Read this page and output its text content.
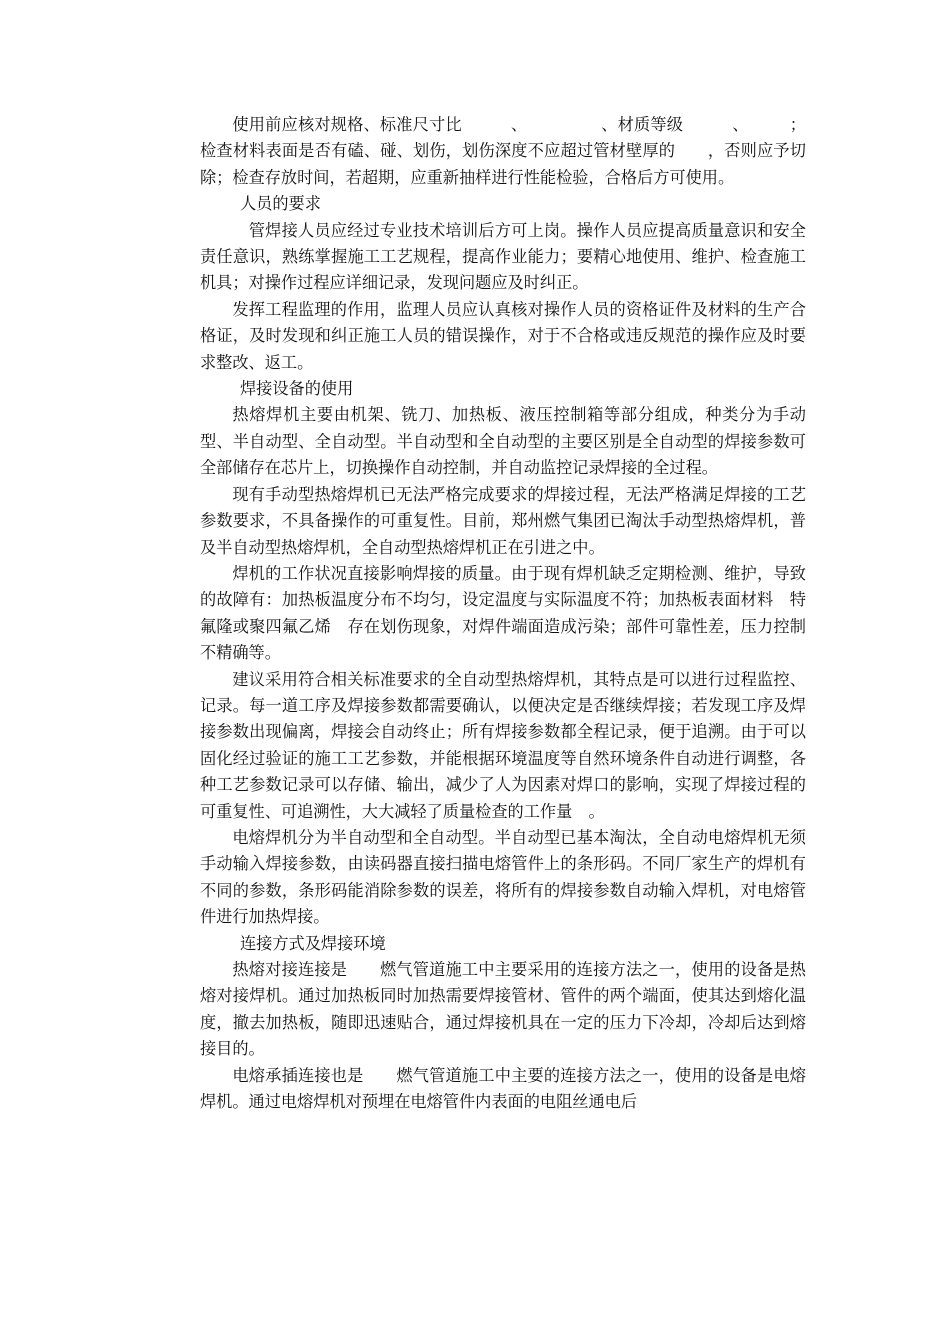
使用前应核对规格、标准尺寸比　　　、　　　　　、材质等级　　　、　　　；检查材料表面是否有磕、碰、划伤，划伤深度不应超过管材壁厚的　　，否则应予切除；检查存放时间，若超期，应重新抽样进行性能检验，合格后方可使用。

人员的要求

　管焊接人员应经过专业技术培训后方可上岗。操作人员应提高质量意识和安全责任意识，熟练掌握施工工艺规程，提高作业能力；要精心地使用、维护、检查施工机具；对操作过程应详细记录，发现问题应及时纠正。

发挥工程监理的作用，监理人员应认真核对操作人员的资格证件及材料的生产合格证，及时发现和纠正施工人员的错误操作，对于不合格或违反规范的操作应及时要求整改、返工。

焊接设备的使用

热熔焊机主要由机架、铣刀、加热板、液压控制箱等部分组成，种类分为手动型、半自动型、全自动型。半自动型和全自动型的主要区别是全自动型的焊接参数可全部储存在芯片上，切换操作自动控制，并自动监控记录焊接的全过程。

现有手动型热熔焊机已无法严格完成要求的焊接过程，无法严格满足焊接的工艺参数要求，不具备操作的可重复性。目前，郑州燃气集团已淘汰手动型热熔焊机，普及半自动型热熔焊机，全自动型热熔焊机正在引进之中。

焊机的工作状况直接影响焊接的质量。由于现有焊机缺乏定期检测、维护，导致的故障有：加热板温度分布不均匀，设定温度与实际温度不符；加热板表面材料　特氟隆或聚四氟乙烯　存在划伤现象，对焊件端面造成污染；部件可靠性差，压力控制不精确等。

建议采用符合相关标准要求的全自动型热熔焊机，其特点是可以进行过程监控、记录。每一道工序及焊接参数都需要确认，以便决定是否继续焊接；若发现工序及焊接参数出现偏离，焊接会自动终止；所有焊接参数都全程记录，便于追溯。由于可以固化经过验证的施工工艺参数，并能根据环境温度等自然环境条件自动进行调整，各种工艺参数记录可以存储、输出，减少了人为因素对焊口的影响，实现了焊接过程的可重复性、可追溯性，大大减轻了质量检查的工作量　。

电熔焊机分为半自动型和全自动型。半自动型已基本淘汰，全自动电熔焊机无须手动输入焊接参数，由读码器直接扫描电熔管件上的条形码。不同厂家生产的焊机有不同的参数，条形码能消除参数的误差，将所有的焊接参数自动输入焊机，对电熔管件进行加热焊接。

连接方式及焊接环境

热熔对接连接是　　燃气管道施工中主要采用的连接方法之一，使用的设备是热熔对接焊机。通过加热板同时加热需要焊接管材、管件的两个端面，使其达到熔化温度，撤去加热板，随即迅速贴合，通过焊接机具在一定的压力下冷却，冷却后达到熔接目的。

电熔承插连接也是　　燃气管道施工中主要的连接方法之一，使用的设备是电熔焊机。通过电熔焊机对预埋在电熔管件内表面的电阻丝通电后
